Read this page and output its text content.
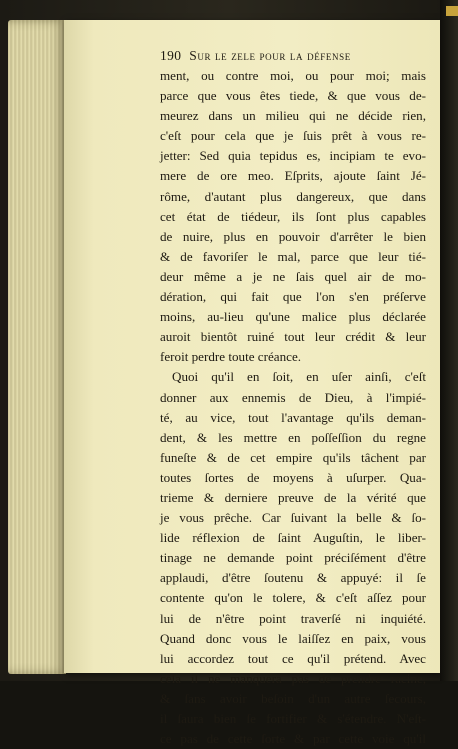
190 Sur le zele pour la défense
ment, ou contre moi, ou pour moi; mais
parce que vous êtes tiede, & que vous de-
meurez dans un milieu qui ne décide rien,
c'eſt pour cela que je ſuis prêt à vous re-
jetter: Sed quia tepidus es, incipiam te evo-
mere de ore meo. Eſprits, ajoute ſaint Jé-
rôme, d'autant plus dangereux, que dans
cet état de tiédeur, ils ſont plus capables
de nuire, plus en pouvoir d'arrêter le bien
& de favoriſer le mal, parce que leur tié-
deur même a je ne ſais quel air de mo-
dération, qui fait que l'on s'en préſerve
moins, au-lieu qu'une malice plus déclarée
auroit bientôt ruiné tout leur crédit & leur
feroit perdre toute créance.
Quoi qu'il en ſoit, en uſer ainſi, c'eſt
donner aux ennemis de Dieu, à l'impié-
té, au vice, tout l'avantage qu'ils deman-
dent, & les mettre en poſſeſſion du regne
funeſte & de cet empire qu'ils tâchent par
toutes ſortes de moyens à uſurper. Qua-
trieme & derniere preuve de la vérité que
je vous prêche. Car ſuivant la belle & ſo-
lide réflexion de ſaint Auguſtin, le liber-
tinage ne demande point préciſément d'être
applaudi, d'être ſoutenu & appuyé: il ſe
contente qu'on le tolere, & c'eſt aſſez pour
lui de n'être point traverſé ni inquiété.
Quand donc vous le laiſſez en paix, vous
lui accordez tout ce qu'il prétend. Avec
cela il ne manquera pas de prendre racine,
& ſans avoir beſoin d'un autre ſecours,
il ſaura bien ſe fortifier & s'étendre. N'eſt-
ce pas de cette ſorte & par cette voie qu'il
